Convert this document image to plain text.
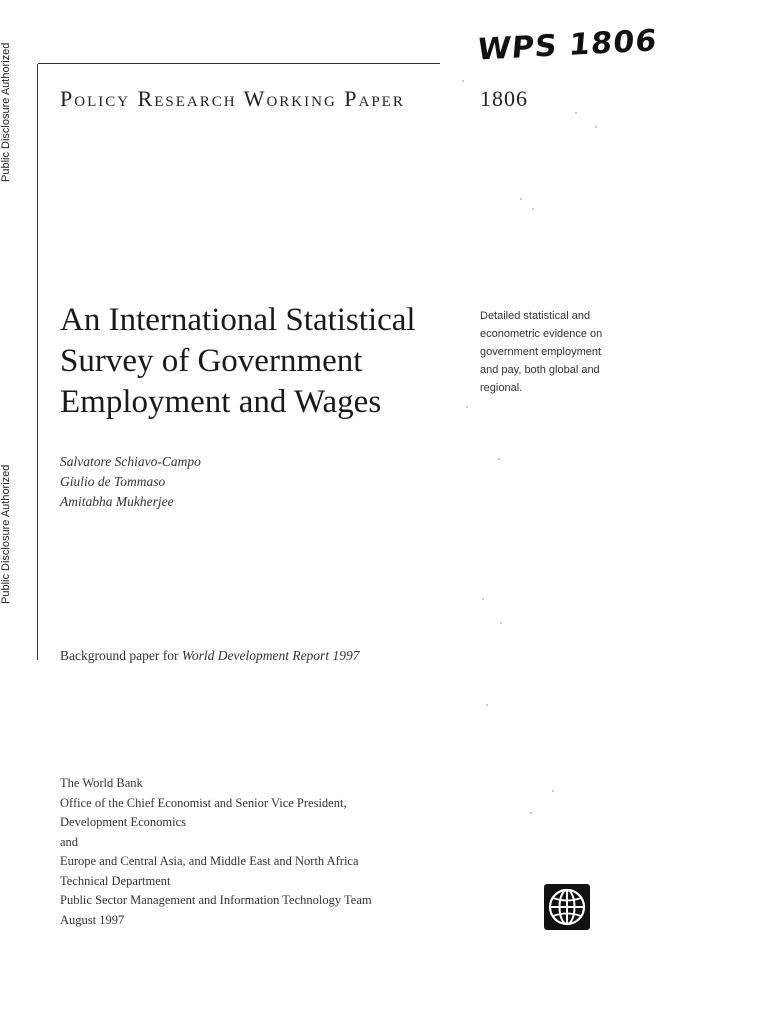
Public Disclosure Authorized
Public Disclosure Authorized
WPS 1806
Policy Research Working Paper	1806
An International Statistical
Survey of Government
Employment and Wages
Detailed statistical and
econometric evidence on
government employment
and pay, both global and
regional.
Salvatore Schiavo-Campo
Giulio de Tommaso
Amitabha Mukherjee
Background paper for World Development Report 1997
The World Bank
Office of the Chief Economist and Senior Vice President,
Development Economics
and
Europe and Central Asia, and Middle East and North Africa
Technical Department
Public Sector Management and Information Technology Team
August 1997
